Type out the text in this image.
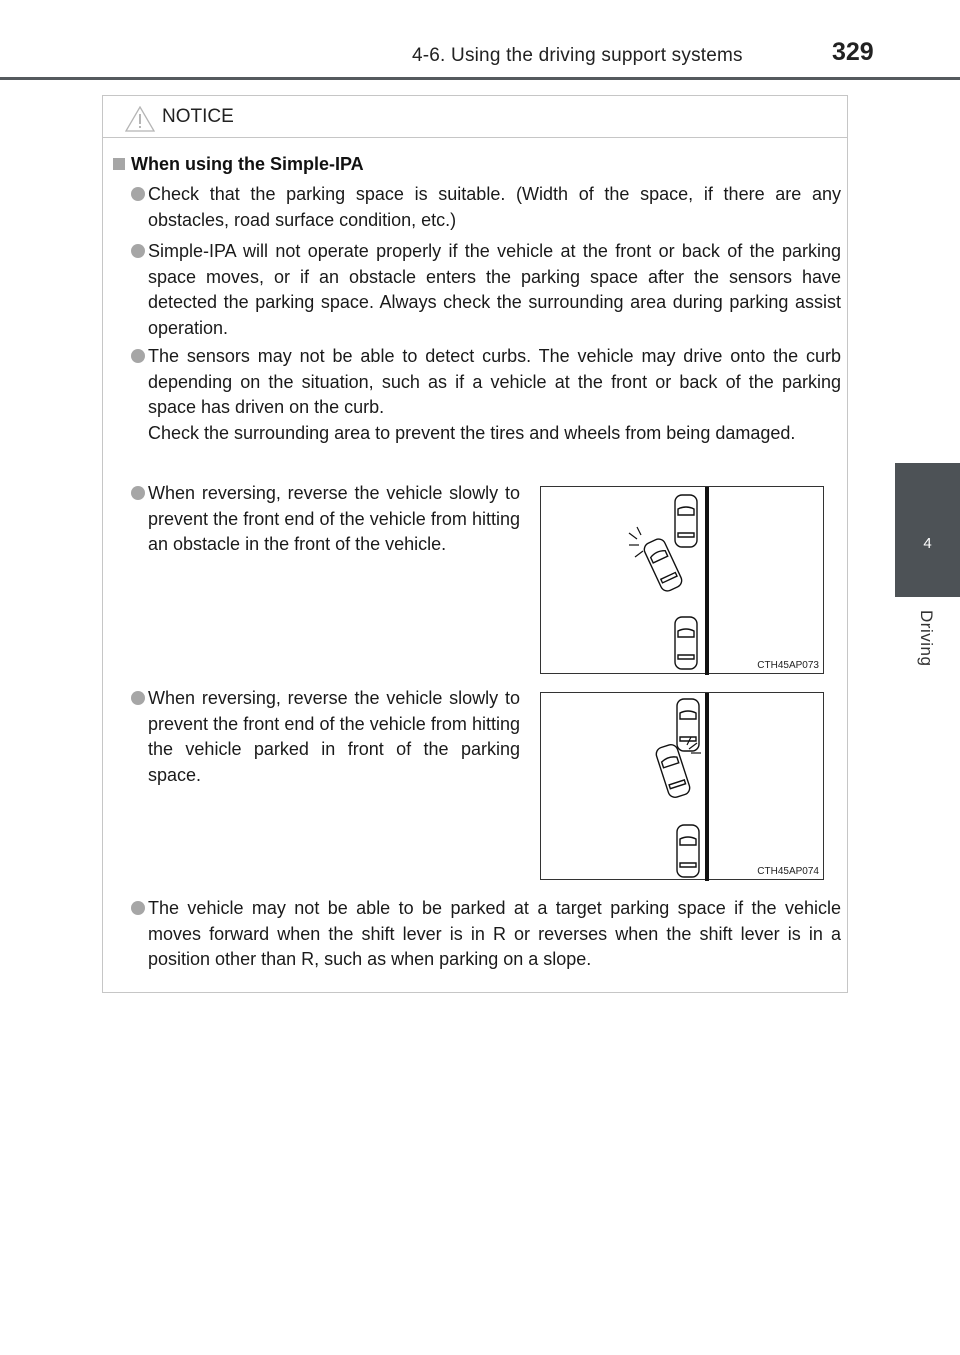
4-6. Using the driving support systems	329
4
Driving
NOTICE
When using the Simple-IPA

Check that the parking space is suitable. (Width of the space, if there are any obstacles, road surface condition, etc.)

Simple-IPA will not operate properly if the vehicle at the front or back of the parking space moves, or if an obstacle enters the parking space after the sensors have detected the parking space. Always check the surrounding area during parking assist operation.

The sensors may not be able to detect curbs. The vehicle may drive onto the curb depending on the situation, such as if a vehicle at the front or back of the parking space has driven on the curb.

Check the surrounding area to prevent the tires and wheels from being damaged.

When reversing, reverse the vehicle slowly to prevent the front end of the vehicle from hitting an obstacle in the front of the vehicle.

CTH45AP073

When reversing, reverse the vehicle slowly to prevent the front end of the vehicle from hitting the vehicle parked in front of the parking space.

CTH45AP074

The vehicle may not be able to be parked at a target parking space if the vehicle moves forward when the shift lever is in R or reverses when the shift lever is in a position other than R, such as when parking on a slope.
